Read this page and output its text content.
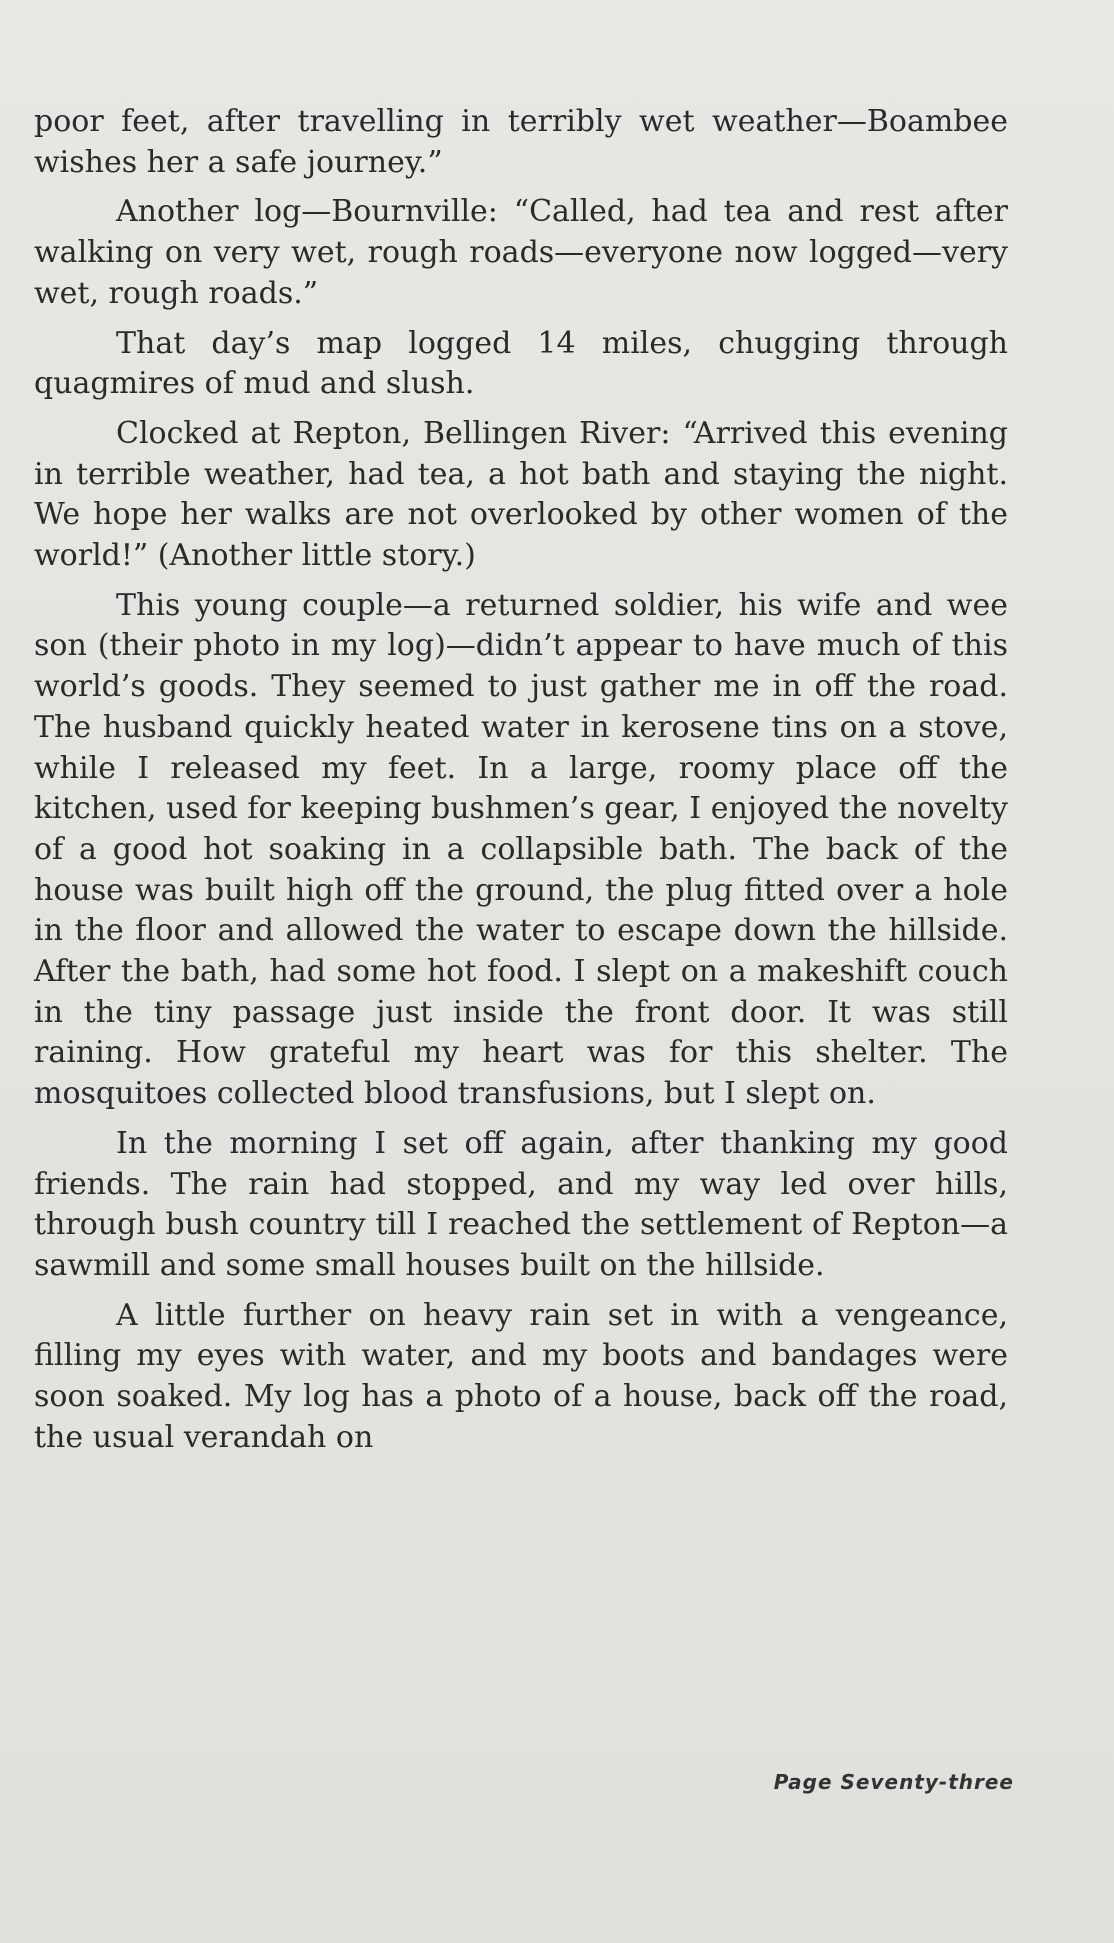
poor feet, after travelling in terribly wet weather—Boambee wishes her a safe journey.”

Another log—Bournville: “Called, had tea and rest after walking on very wet, rough roads—everyone now logged—very wet, rough roads.”

That day’s map logged 14 miles, chugging through quagmires of mud and slush.

Clocked at Repton, Bellingen River: “Arrived this evening in terrible weather, had tea, a hot bath and staying the night. We hope her walks are not overlooked by other women of the world!” (Another little story.)

This young couple—a returned soldier, his wife and wee son (their photo in my log)—didn’t appear to have much of this world’s goods. They seemed to just gather me in off the road. The husband quickly heated water in kerosene tins on a stove, while I released my feet. In a large, roomy place off the kitchen, used for keeping bushmen’s gear, I enjoyed the novelty of a good hot soaking in a collapsible bath. The back of the house was built high off the ground, the plug fitted over a hole in the floor and allowed the water to escape down the hillside. After the bath, had some hot food. I slept on a makeshift couch in the tiny passage just inside the front door. It was still raining. How grateful my heart was for this shelter. The mosquitoes collected blood transfusions, but I slept on.

In the morning I set off again, after thanking my good friends. The rain had stopped, and my way led over hills, through bush country till I reached the settlement of Repton—a sawmill and some small houses built on the hillside.

A little further on heavy rain set in with a vengeance, filling my eyes with water, and my boots and bandages were soon soaked. My log has a photo of a house, back off the road, the usual verandah on

Page Seventy-three
